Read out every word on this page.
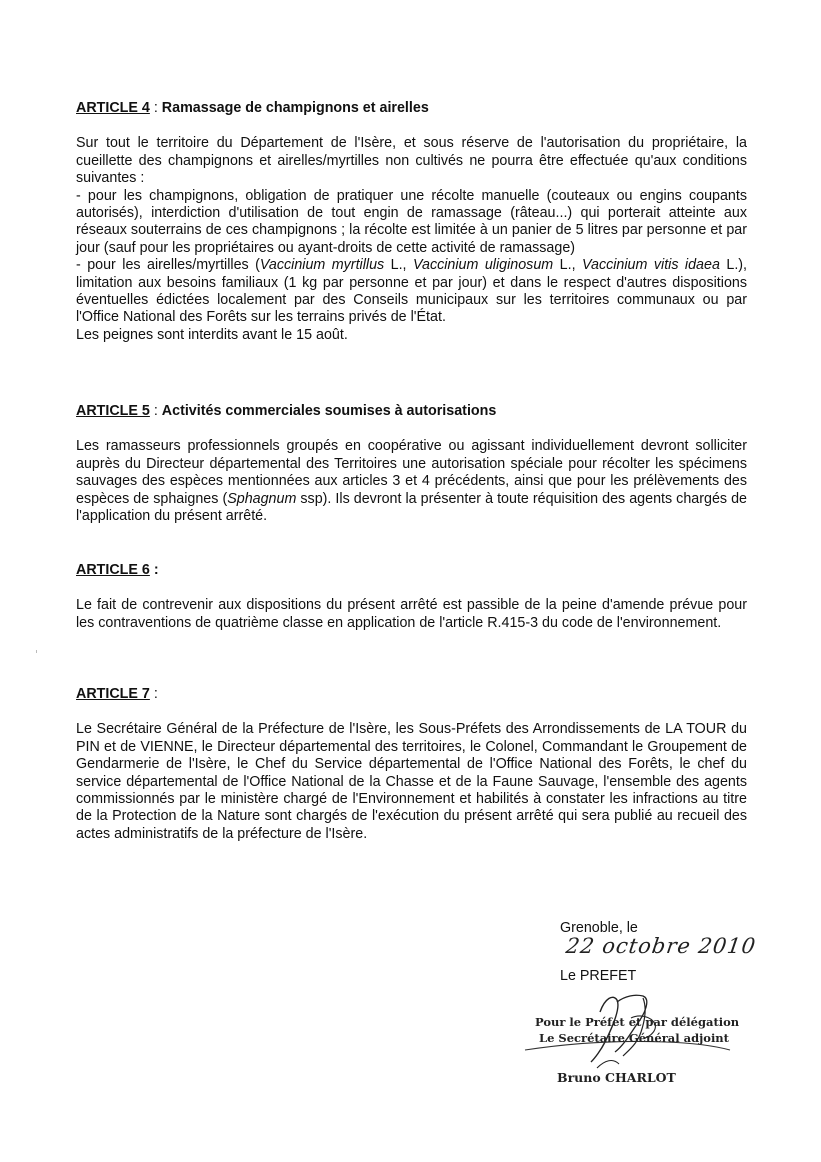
ARTICLE 4 : Ramassage de champignons et airelles

Sur tout le territoire du Département de l'Isère, et sous réserve de l'autorisation du propriétaire, la cueillette des champignons et airelles/myrtilles non cultivés ne pourra être effectuée qu'aux conditions suivantes :
- pour les champignons, obligation de pratiquer une récolte manuelle (couteaux ou engins coupants autorisés), interdiction d'utilisation de tout engin de ramassage (râteau...) qui porterait atteinte aux réseaux souterrains de ces champignons ; la récolte est limitée à un panier de 5 litres par personne et par jour (sauf pour les propriétaires ou ayant-droits de cette activité de ramassage)
- pour les airelles/myrtilles (Vaccinium myrtillus L., Vaccinium uliginosum L., Vaccinium vitis idaea L.), limitation aux besoins familiaux (1 kg par personne et par jour) et dans le respect d'autres dispositions éventuelles édictées localement par des Conseils municipaux sur les territoires communaux ou par l'Office National des Forêts sur les terrains privés de l'État.
Les peignes sont interdits avant le 15 août.

ARTICLE 5 : Activités commerciales soumises à autorisations

Les ramasseurs professionnels groupés en coopérative ou agissant individuellement devront solliciter auprès du Directeur départemental des Territoires une autorisation spéciale pour récolter les spécimens sauvages des espèces mentionnées aux articles 3 et 4 précédents, ainsi que pour les prélèvements des espèces de sphaignes (Sphagnum ssp). Ils devront la présenter à toute réquisition des agents chargés de l'application du présent arrêté.

ARTICLE 6 :

Le fait de contrevenir aux dispositions du présent arrêté est passible de la peine d'amende prévue pour les contraventions de quatrième classe en application de l'article R.415-3 du code de l'environnement.

ARTICLE 7 :

Le Secrétaire Général de la Préfecture de l'Isère, les Sous-Préfets des Arrondissements de LA TOUR du PIN et de VIENNE, le Directeur départemental des territoires, le Colonel, Commandant le Groupement de Gendarmerie de l'Isère, le Chef du Service départemental de l'Office National des Forêts, le chef du service départemental de l'Office National de la Chasse et de la Faune Sauvage, l'ensemble des agents commissionnés par le ministère chargé de l'Environnement et habilités à constater les infractions au titre de la Protection de la Nature sont chargés de l'exécution du présent arrêté qui sera publié au recueil des actes administratifs de la préfecture de l'Isère.

Grenoble, le22 octobre 2010
Le PREFET
Pour le Préfet et par délégation
Le Secrétaire Général adjoint
Bruno CHARLOT
